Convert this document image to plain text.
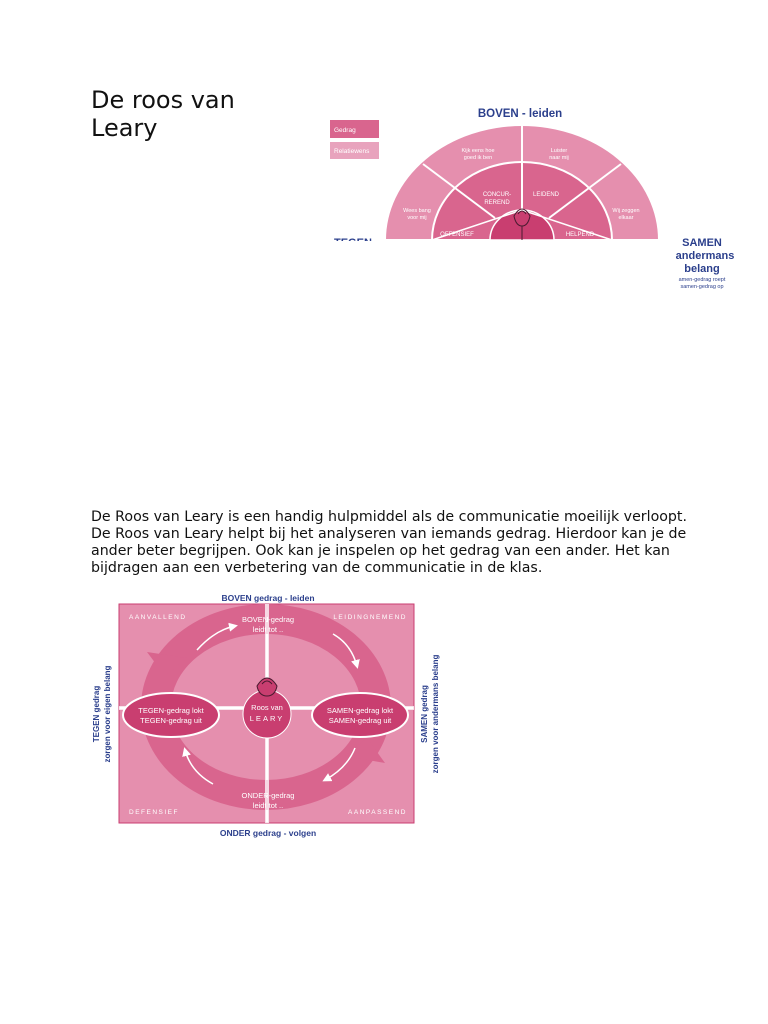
De roos van Leary	Gedrag
Relatiewens
BOVEN - leiden
Kijk eens hoe
goed ik ben
Luister
naar mij
Wees bang
voor mij
Wij zeggen
elkaar
CONCUR-
REREND
LEIDEND
OFFENSIEF	HELPEND
SAMEN
andermans
belang
amen-gedrag roept
samen-gedrag op

De Roos van Leary is een handig hulpmiddel als de communicatie moeilijk verloopt. De Roos van Leary helpt bij het analyseren van iemands gedrag. Hierdoor kan je de ander beter begrijpen. Ook kan je inspelen op het gedrag van een ander. Het kan bijdragen aan een verbetering van de communicatie in de klas.

BOVEN gedrag - leiden
ONDER gedrag - volgen
AANVALLEND	LEIDINGNEMEND
DEFENSIEF	AANPASSEND
BOVEN-gedrag
leidt tot ..
ONDER-gedrag
leidt tot ..
TEGEN-gedrag lokt
TEGEN-gedrag uit
SAMEN-gedrag lokt
SAMEN-gedrag uit
Roos van
LEARY
TEGEN gedrag zorgen voor eigen belang	SAMEN gedrag zorgen voor andermans belang
